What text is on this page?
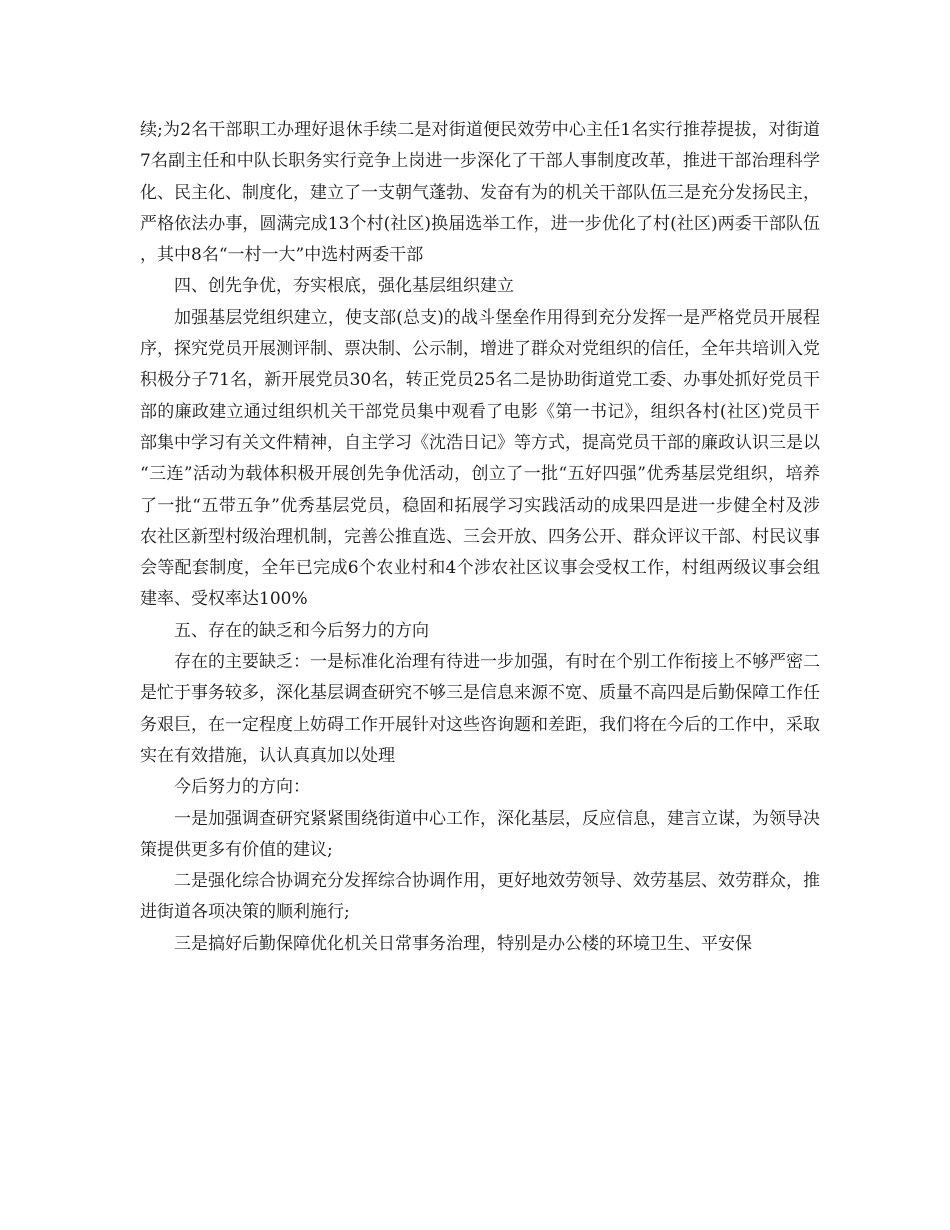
续;为2名干部职工办理好退休手续二是对街道便民效劳中心主任1名实行推荐提拔，对街道7名副主任和中队长职务实行竞争上岗进一步深化了干部人事制度改革，推进干部治理科学化、民主化、制度化，建立了一支朝气蓬勃、发奋有为的机关干部队伍三是充分发扬民主，严格依法办事，圆满完成13个村(社区)换届选举工作，进一步优化了村(社区)两委干部队伍，其中8名“一村一大”中选村两委干部

四、创先争优，夯实根底，强化基层组织建立

加强基层党组织建立，使支部(总支)的战斗堡垒作用得到充分发挥一是严格党员开展程序，探究党员开展测评制、票决制、公示制，增进了群众对党组织的信任，全年共培训入党积极分子71名，新开展党员30名，转正党员25名二是协助街道党工委、办事处抓好党员干部的廉政建立通过组织机关干部党员集中观看了电影《第一书记》，组织各村(社区)党员干部集中学习有关文件精神，自主学习《沈浩日记》等方式，提高党员干部的廉政认识三是以“三连”活动为载体积极开展创先争优活动，创立了一批“五好四强”优秀基层党组织，培养了一批“五带五争”优秀基层党员，稳固和拓展学习实践活动的成果四是进一步健全村及涉农社区新型村级治理机制，完善公推直选、三会开放、四务公开、群众评议干部、村民议事会等配套制度，全年已完成6个农业村和4个涉农社区议事会受权工作，村组两级议事会组建率、受权率达100%

五、存在的缺乏和今后努力的方向

存在的主要缺乏：一是标准化治理有待进一步加强，有时在个别工作衔接上不够严密二是忙于事务较多，深化基层调查研究不够三是信息来源不宽、质量不高四是后勤保障工作任务艰巨，在一定程度上妨碍工作开展针对这些咨询题和差距，我们将在今后的工作中，采取实在有效措施，认认真真加以处理

今后努力的方向：

一是加强调查研究紧紧围绕街道中心工作，深化基层，反应信息，建言立谋，为领导决策提供更多有价值的建议;

二是强化综合协调充分发挥综合协调作用，更好地效劳领导、效劳基层、效劳群众，推进街道各项决策的顺利施行;

三是搞好后勤保障优化机关日常事务治理，特别是办公楼的环境卫生、平安保
